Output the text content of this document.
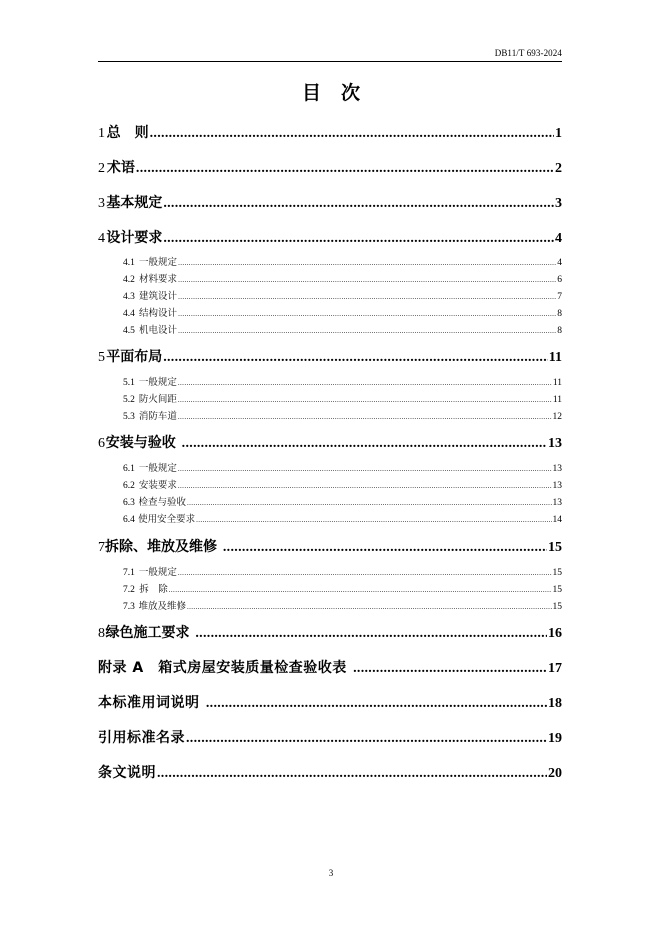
DB11/T 693-2024
目 次
1 总　则 .....	1
2 术语 .....	2
3 基本规定 .....	3
4 设计要求 .....	4
4.1 一般规定 .....	4
4.2 材料要求 .....	6
4.3 建筑设计 .....	7
4.4 结构设计 .....	8
4.5 机电设计 .....	8
5 平面布局 .....	11
5.1 一般规定 .....	11
5.2 防火间距 .....	11
5.3 消防车道 .....	12
6 安装与验收 .....	13
6.1 一般规定 .....	13
6.2 安装要求 .....	13
6.3 检查与验收 .....	13
6.4 使用安全要求 .....	14
7 拆除、堆放及维修 .....	15
7.1 一般规定 .....	15
7.2 拆　除 .....	15
7.3 堆放及维修 .....	15
8 绿色施工要求 .....	16
附录 A　箱式房屋安装质量检查验收表 .....	17
本标准用词说明 .....	18
引用标准名录 .....	19
条文说明 .....	20
3
